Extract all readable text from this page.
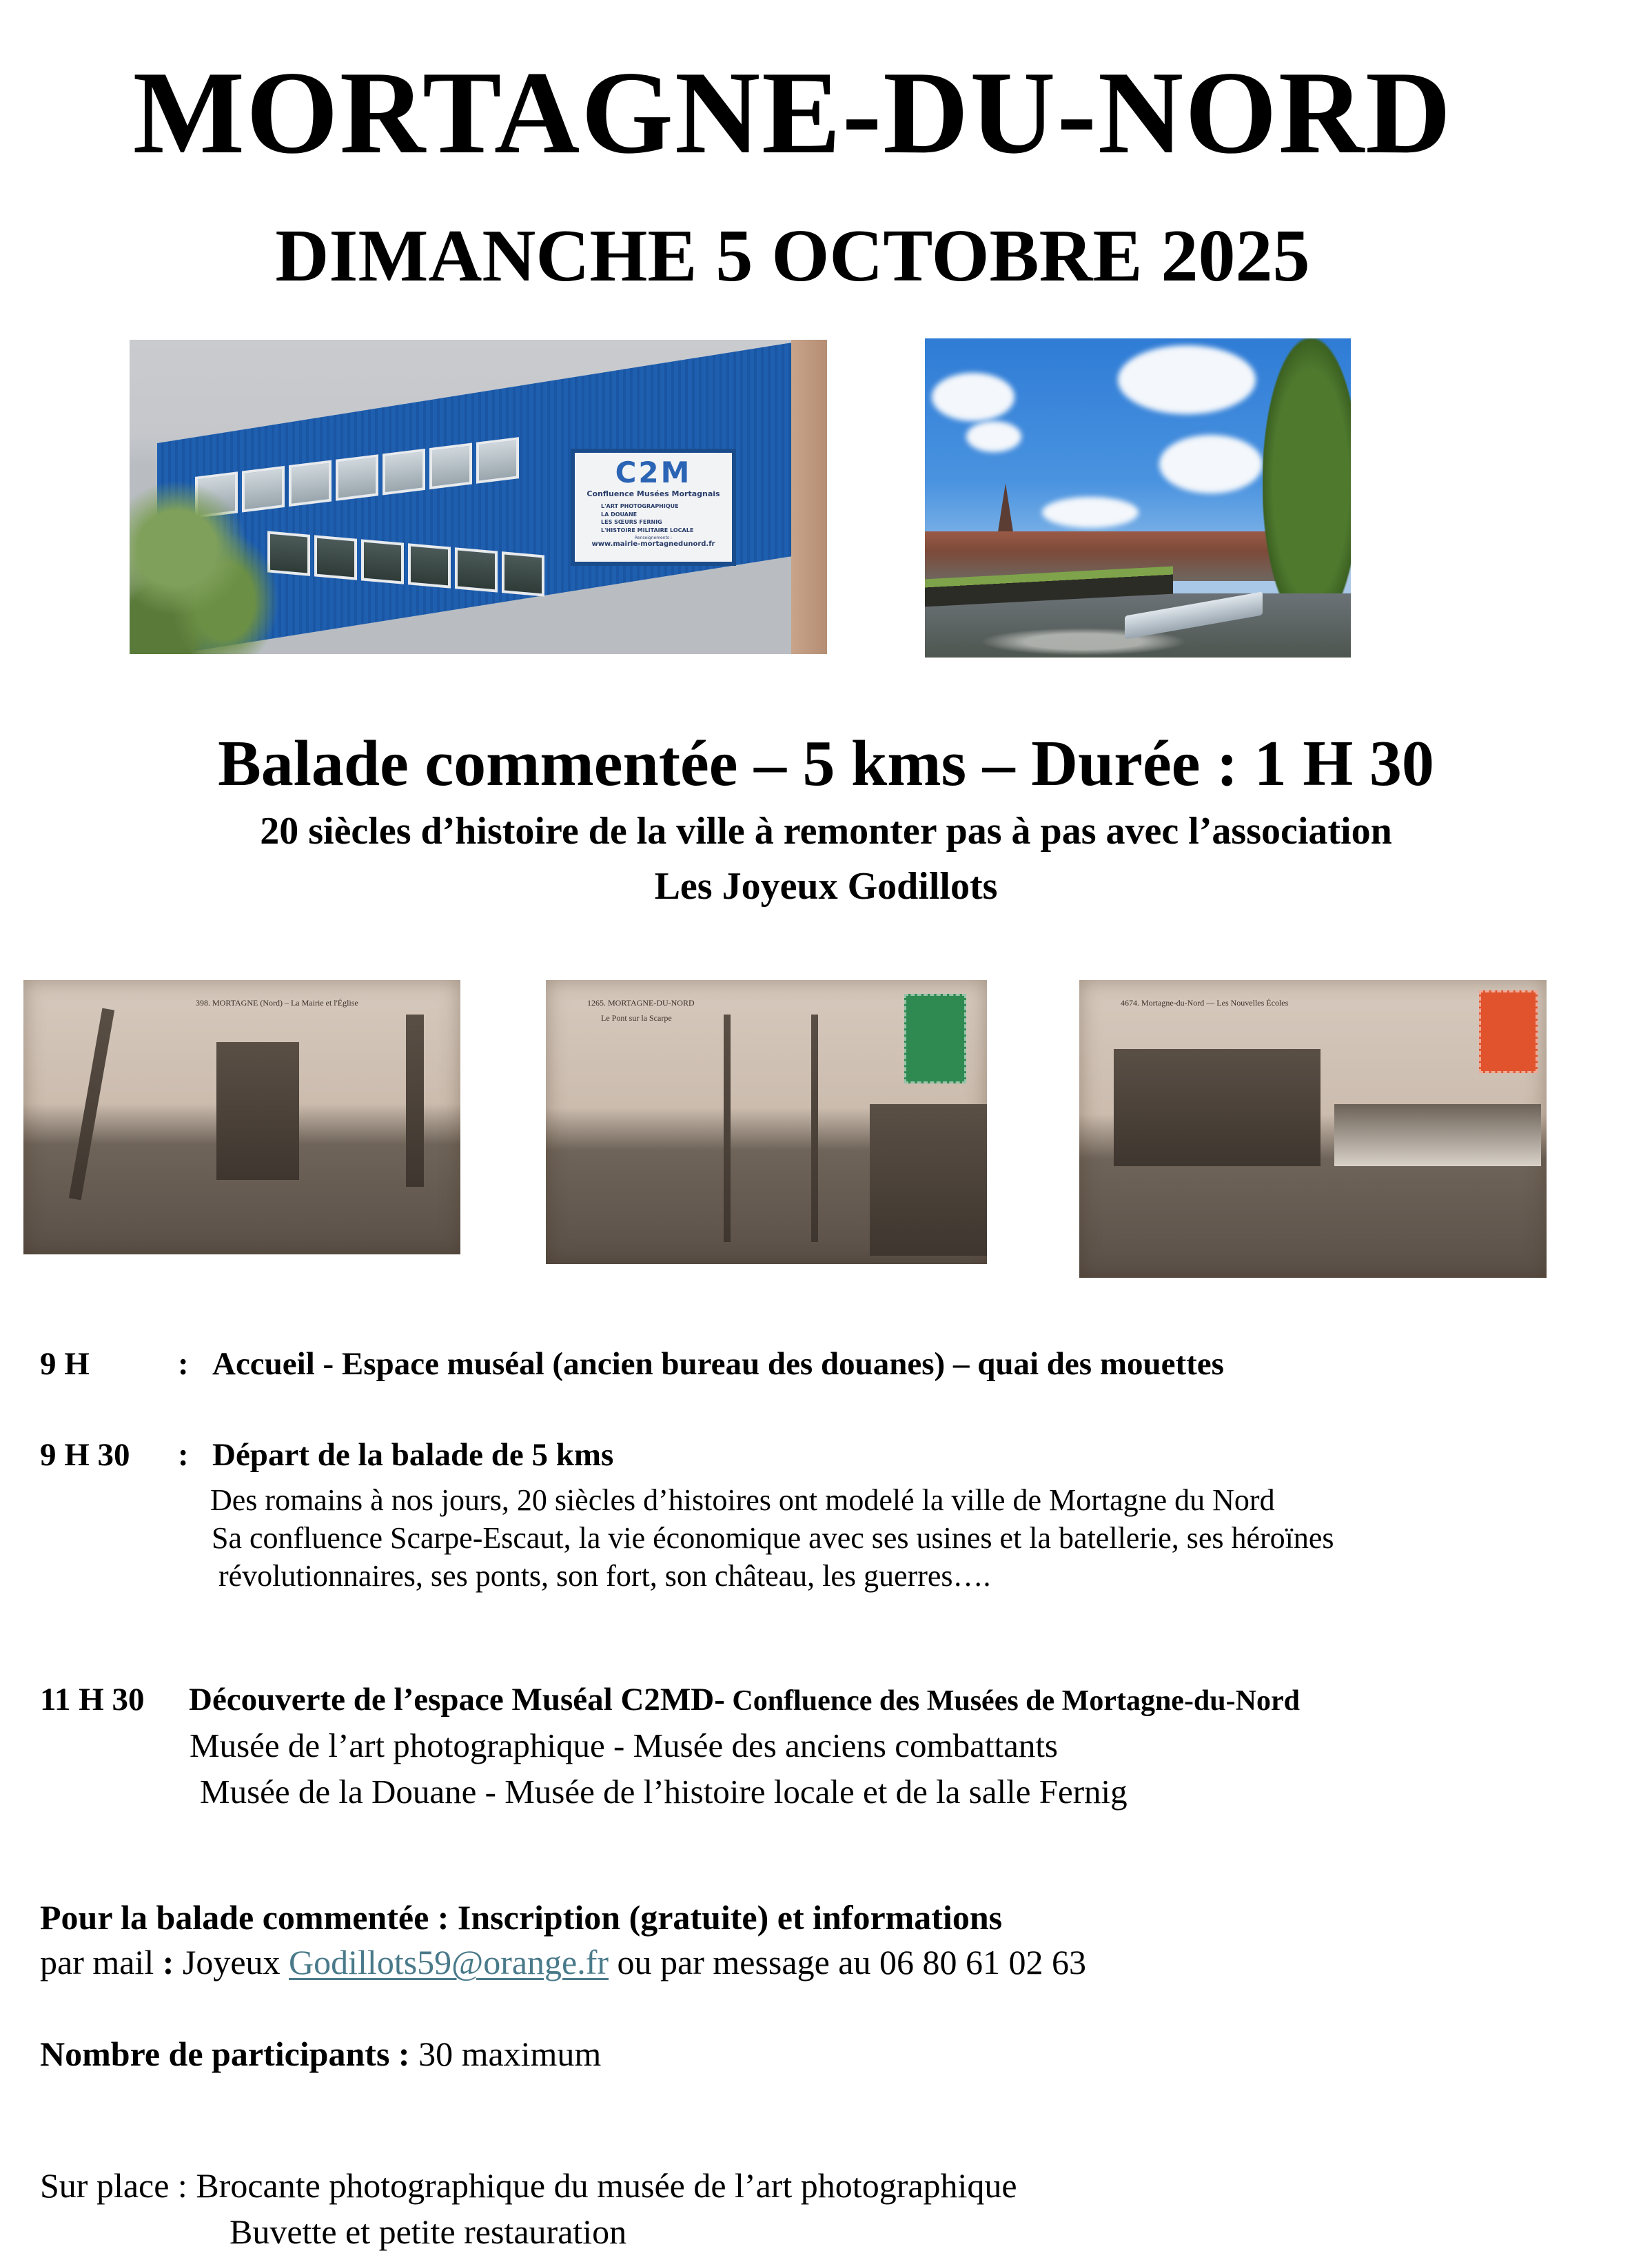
MORTAGNE-DU-NORD
DIMANCHE 5 OCTOBRE 2025
C2M
Confluence Musées Mortagnais
L'ART PHOTOGRAPHIQUE
LA DOUANE
LES SŒURS FERNIG
L'HISTOIRE MILITAIRE LOCALE
Renseignements :
www.mairie-mortagnedunord.fr
Balade commentée – 5 kms – Durée : 1 H 30
20 siècles d’histoire de la ville à remonter pas à pas avec l’association
Les Joyeux Godillots
398. MORTAGNE (Nord) – La Mairie et l'Église	1265. MORTAGNE-DU-NORD
Le Pont sur la Scarpe
4674. Mortagne-du-Nord — Les Nouvelles Écoles
9 H	: Accueil - Espace muséal (ancien bureau des douanes) – quai des mouettes
9 H 30 : Départ de la balade de 5 kms
Des romains à nos jours, 20 siècles d’histoires ont modelé la ville de Mortagne du Nord
Sa confluence Scarpe-Escaut, la vie économique avec ses usines et la batellerie, ses héroïnes
révolutionnaires, ses ponts, son fort, son château, les guerres….
11 H 30 Découverte de l’espace Muséal C2MD- Confluence des Musées de Mortagne-du-Nord
Musée de l’art photographique - Musée des anciens combattants
Musée de la Douane - Musée de l’histoire locale et de la salle Fernig
Pour la balade commentée : Inscription (gratuite) et informations
par mail : Joyeux Godillots59@orange.fr ou par message au 06 80 61 02 63
Nombre de participants : 30 maximum
Sur place : Brocante photographique du musée de l’art photographique
Buvette et petite restauration
